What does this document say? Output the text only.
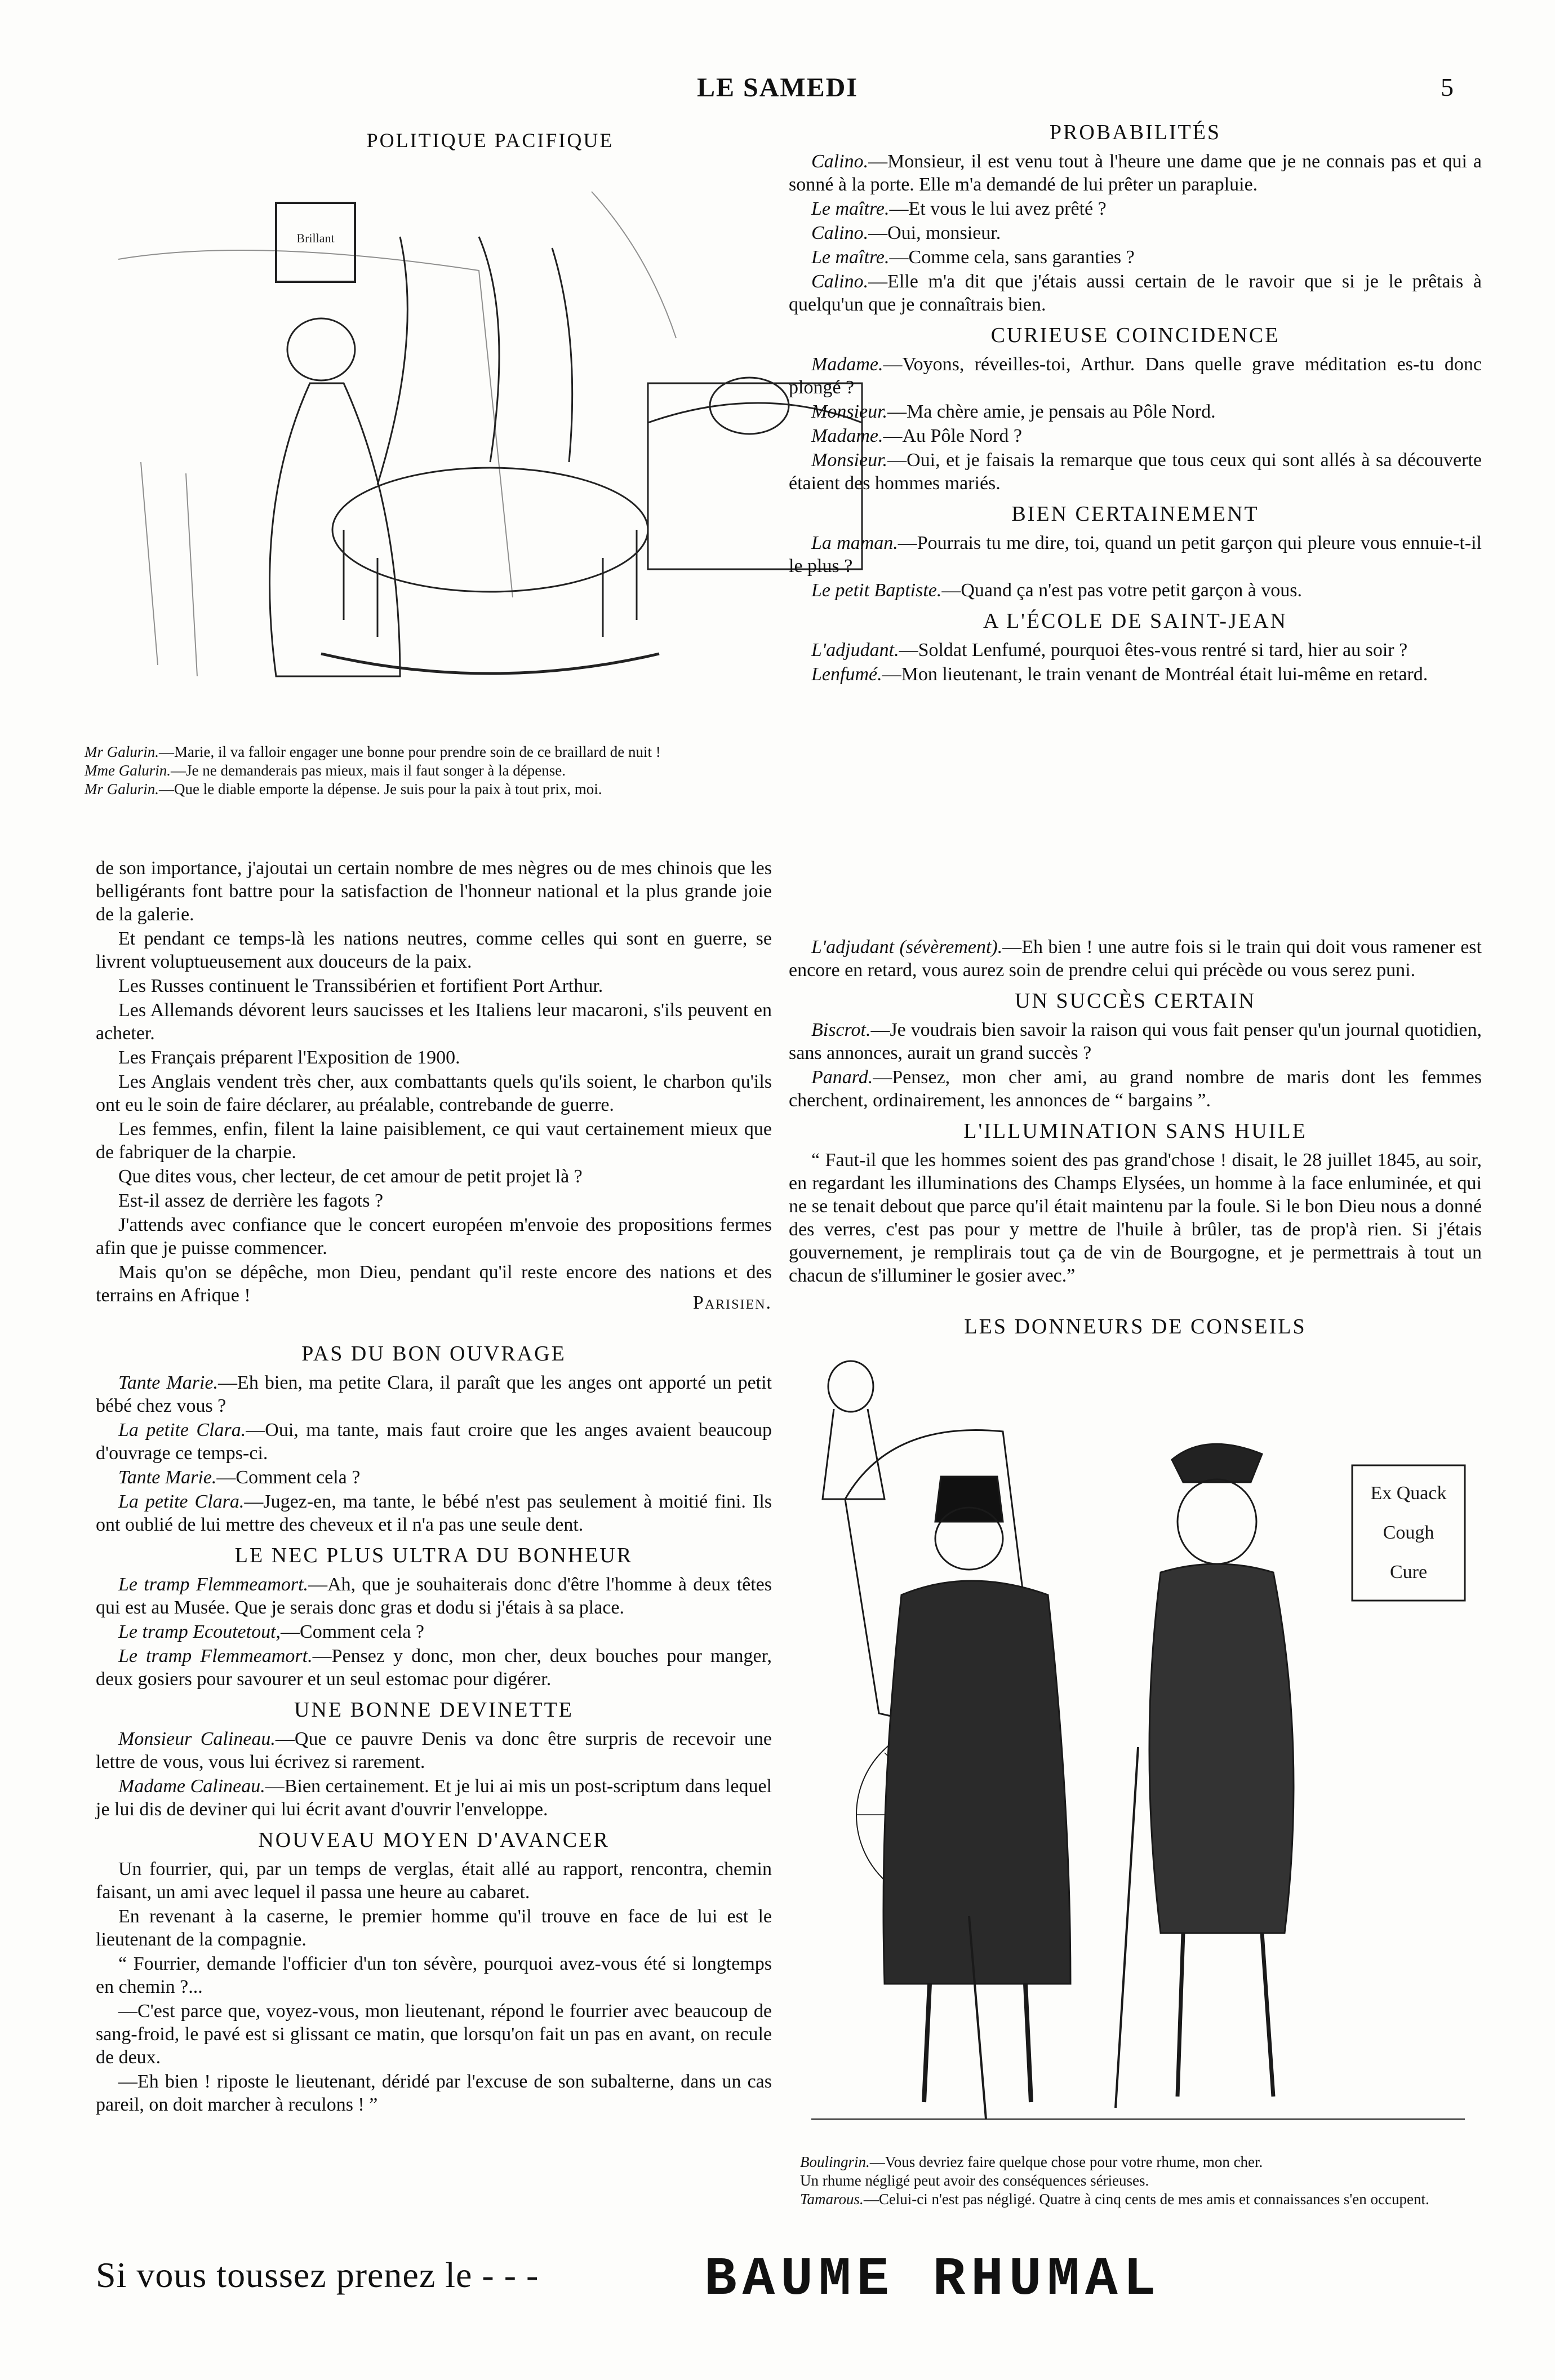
LE SAMEDI	5
POLITIQUE PACIFIQUE
Brillant

Mr Galurin.—Marie, il va falloir engager une bonne pour prendre soin de ce braillard de nuit !

Mme Galurin.—Je ne demanderais pas mieux, mais il faut songer à la dépense.

Mr Galurin.—Que le diable emporte la dépense. Je suis pour la paix à tout prix, moi.

de son importance, j'ajoutai un certain nombre de mes nègres ou de mes chinois que les belligérants font battre pour la satisfaction de l'honneur national et la plus grande joie de la galerie.

Et pendant ce temps-là les nations neutres, comme celles qui sont en guerre, se livrent voluptueusement aux douceurs de la paix.

Les Russes continuent le Transsibérien et fortifient Port Arthur.

Les Allemands dévorent leurs saucisses et les Italiens leur macaroni, s'ils peuvent en acheter.

Les Français préparent l'Exposition de 1900.

Les Anglais vendent très cher, aux combattants quels qu'ils soient, le charbon qu'ils ont eu le soin de faire déclarer, au préalable, contrebande de guerre.

Les femmes, enfin, filent la laine paisiblement, ce qui vaut certainement mieux que de fabriquer de la charpie.

Que dites vous, cher lecteur, de cet amour de petit projet là ?

Est-il assez de derrière les fagots ?

J'attends avec confiance que le concert européen m'envoie des propositions fermes afin que je puisse commencer.

Mais qu'on se dépêche, mon Dieu, pendant qu'il reste encore des nations et des terrains en Afrique !	Parisien.
PAS DU BON OUVRAGE

Tante Marie.—Eh bien, ma petite Clara, il paraît que les anges ont apporté un petit bébé chez vous ?

La petite Clara.—Oui, ma tante, mais faut croire que les anges avaient beaucoup d'ouvrage ce temps-ci.

Tante Marie.—Comment cela ?

La petite Clara.—Jugez-en, ma tante, le bébé n'est pas seulement à moitié fini. Ils ont oublié de lui mettre des cheveux et il n'a pas une seule dent.

LE NEC PLUS ULTRA DU BONHEUR

Le tramp Flemmeamort.—Ah, que je souhaiterais donc d'être l'homme à deux têtes qui est au Musée. Que je serais donc gras et dodu si j'étais à sa place.

Le tramp Ecoutetout,—Comment cela ?

Le tramp Flemmeamort.—Pensez y donc, mon cher, deux bouches pour manger, deux gosiers pour savourer et un seul estomac pour digérer.

UNE BONNE DEVINETTE

Monsieur Calineau.—Que ce pauvre Denis va donc être surpris de recevoir une lettre de vous, vous lui écrivez si rarement.

Madame Calineau.—Bien certainement. Et je lui ai mis un post-scriptum dans lequel je lui dis de deviner qui lui écrit avant d'ouvrir l'enveloppe.

NOUVEAU MOYEN D'AVANCER

Un fourrier, qui, par un temps de verglas, était allé au rapport, rencontra, chemin faisant, un ami avec lequel il passa une heure au cabaret.

En revenant à la caserne, le premier homme qu'il trouve en face de lui est le lieutenant de la compagnie.

“ Fourrier, demande l'officier d'un ton sévère, pourquoi avez-vous été si longtemps en chemin ?...

—C'est parce que, voyez-vous, mon lieutenant, répond le fourrier avec beaucoup de sang-froid, le pavé est si glissant ce matin, que lorsqu'on fait un pas en avant, on recule de deux.

—Eh bien ! riposte le lieutenant, déridé par l'excuse de son subalterne, dans un cas pareil, on doit marcher à reculons ! ”

PROBABILITÉS

Calino.—Monsieur, il est venu tout à l'heure une dame que je ne connais pas et qui a sonné à la porte. Elle m'a demandé de lui prêter un parapluie.

Le maître.—Et vous le lui avez prêté ?

Calino.—Oui, monsieur.

Le maître.—Comme cela, sans garanties ?

Calino.—Elle m'a dit que j'étais aussi certain de le ravoir que si je le prêtais à quelqu'un que je connaîtrais bien.

CURIEUSE COINCIDENCE

Madame.—Voyons, réveilles-toi, Arthur. Dans quelle grave méditation es-tu donc plongé ?

Monsieur.—Ma chère amie, je pensais au Pôle Nord.

Madame.—Au Pôle Nord ?

Monsieur.—Oui, et je faisais la remarque que tous ceux qui sont allés à sa découverte étaient des hommes mariés.

BIEN CERTAINEMENT

La maman.—Pourrais tu me dire, toi, quand un petit garçon qui pleure vous ennuie-t-il le plus ?

Le petit Baptiste.—Quand ça n'est pas votre petit garçon à vous.

A L'ÉCOLE DE SAINT-JEAN

L'adjudant.—Soldat Lenfumé, pourquoi êtes-vous rentré si tard, hier au soir ?

Lenfumé.—Mon lieutenant, le train venant de Montréal était lui-même en retard.

L'adjudant (sévèrement).—Eh bien ! une autre fois si le train qui doit vous ramener est encore en retard, vous aurez soin de prendre celui qui précède ou vous serez puni.

UN SUCCÈS CERTAIN

Biscrot.—Je voudrais bien savoir la raison qui vous fait penser qu'un journal quotidien, sans annonces, aurait un grand succès ?

Panard.—Pensez, mon cher ami, au grand nombre de maris dont les femmes cherchent, ordinairement, les annonces de “ bargains ”.

L'ILLUMINATION SANS HUILE

“ Faut-il que les hommes soient des pas grand'chose ! disait, le 28 juillet 1845, au soir, en regardant les illuminations des Champs Elysées, un homme à la face enluminée, et qui ne se tenait debout que parce qu'il était maintenu par la foule. Si le bon Dieu nous a donné des verres, c'est pas pour y mettre de l'huile à brûler, tas de prop'à rien. Si j'étais gouvernement, je remplirais tout ça de vin de Bourgogne, et je permettrais à tout un chacun de s'illuminer le gosier avec.”

LES DONNEURS DE CONSEILS
Ex Quack
Cough
Cure

Boulingrin.—Vous devriez faire quelque chose pour votre rhume, mon cher.

Un rhume négligé peut avoir des conséquences sérieuses.

Tamarous.—Celui-ci n'est pas négligé. Quatre à cinq cents de mes amis et connaissances s'en occupent.

Si vous toussez prenez le - - -	BAUME RHUMAL
